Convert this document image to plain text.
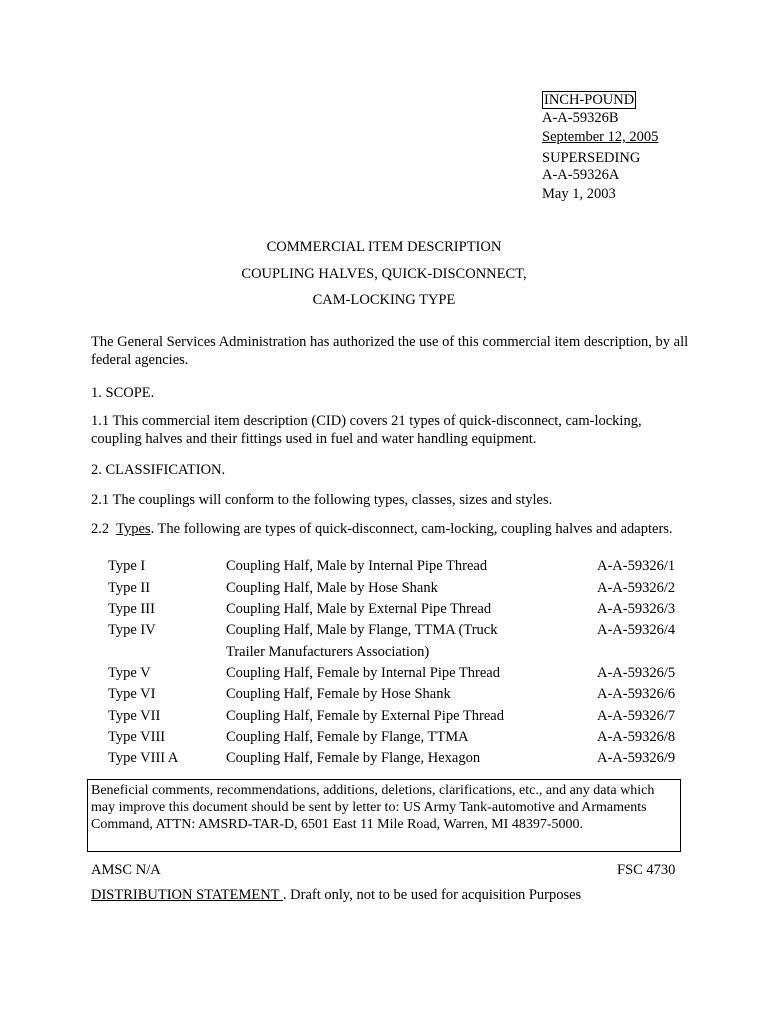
INCH-POUND
A-A-59326B
September 12, 2005
SUPERSEDING
A-A-59326A
May 1, 2003
COMMERCIAL ITEM DESCRIPTION
COUPLING HALVES, QUICK-DISCONNECT,
CAM-LOCKING TYPE
The General Services Administration has authorized the use of this commercial item description, by all federal agencies.
1. SCOPE.
1.1 This commercial item description (CID) covers 21 types of quick-disconnect, cam-locking, coupling halves and their fittings used in fuel and water handling equipment.
2. CLASSIFICATION.
2.1 The couplings will conform to the following types, classes, sizes and styles.
2.2 Types. The following are types of quick-disconnect, cam-locking, coupling halves and adapters.
Type I	Coupling Half, Male by Internal Pipe Thread	A-A-59326/1
Type II	Coupling Half, Male by Hose Shank	A-A-59326/2
Type III	Coupling Half, Male by External Pipe Thread	A-A-59326/3
Type IV	Coupling Half, Male by Flange, TTMA (Truck	A-A-59326/4
Trailer Manufacturers Association)
Type V	Coupling Half, Female by Internal Pipe Thread	A-A-59326/5
Type VI	Coupling Half, Female by Hose Shank	A-A-59326/6
Type VII	Coupling Half, Female by External Pipe Thread	A-A-59326/7
Type VIII	Coupling Half, Female by Flange, TTMA	A-A-59326/8
Type VIII A	Coupling Half, Female by Flange, Hexagon	A-A-59326/9
Beneficial comments, recommendations, additions, deletions, clarifications, etc., and any data which may improve this document should be sent by letter to: US Army Tank-automotive and Armaments Command, ATTN: AMSRD-TAR-D, 6501 East 11 Mile Road, Warren, MI 48397-5000.
AMSC N/A	FSC 4730
DISTRIBUTION STATEMENT . Draft only, not to be used for acquisition Purposes
